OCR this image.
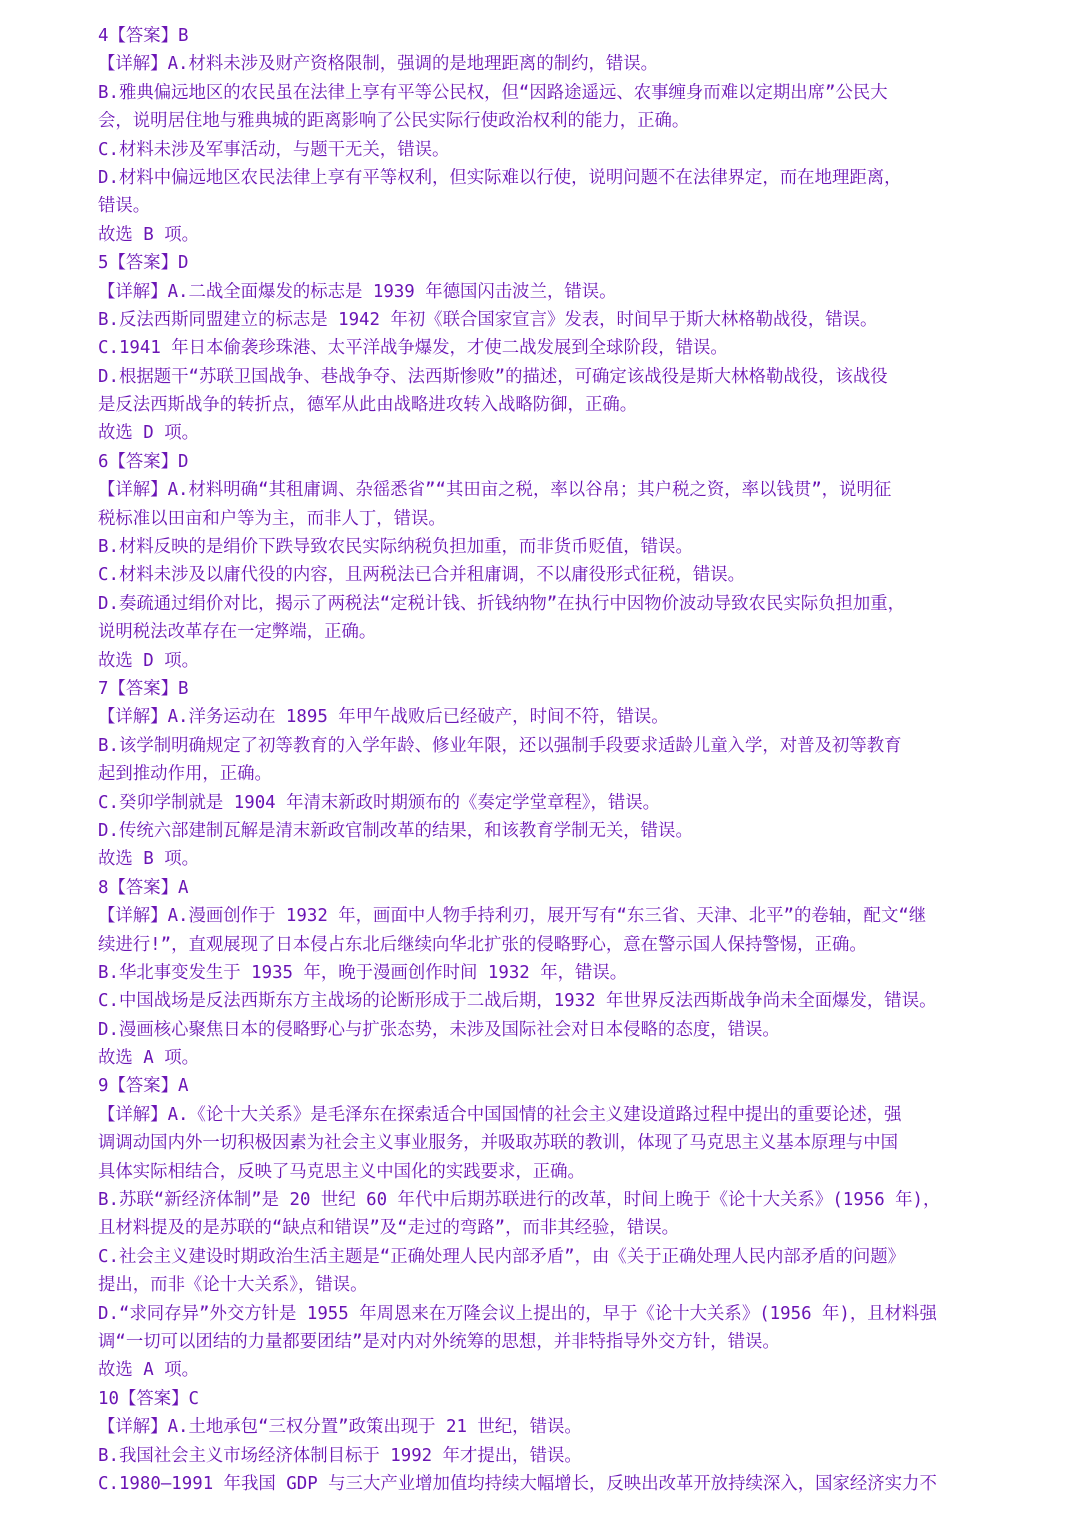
4【答案】B
【详解】A.材料未涉及财产资格限制，强调的是地理距离的制约，错误。
B.雅典偏远地区的农民虽在法律上享有平等公民权，但“因路途遥远、农事缠身而难以定期出席”公民大
会，说明居住地与雅典城的距离影响了公民实际行使政治权利的能力，正确。
C.材料未涉及军事活动，与题干无关，错误。
D.材料中偏远地区农民法律上享有平等权利，但实际难以行使，说明问题不在法律界定，而在地理距离，
错误。
故选 B 项。
5【答案】D
【详解】A.二战全面爆发的标志是 1939 年德国闪击波兰，错误。
B.反法西斯同盟建立的标志是 1942 年初《联合国家宣言》发表，时间早于斯大林格勒战役，错误。
C.1941 年日本偷袭珍珠港、太平洋战争爆发，才使二战发展到全球阶段，错误。
D.根据题干“苏联卫国战争、巷战争夺、法西斯惨败”的描述，可确定该战役是斯大林格勒战役，该战役
是反法西斯战争的转折点，德军从此由战略进攻转入战略防御，正确。
故选 D 项。
6【答案】D
【详解】A.材料明确“其租庸调、杂徭悉省”“其田亩之税，率以谷帛；其户税之资，率以钱贯”，说明征
税标准以田亩和户等为主，而非人丁，错误。
B.材料反映的是绢价下跌导致农民实际纳税负担加重，而非货币贬值，错误。
C.材料未涉及以庸代役的内容，且两税法已合并租庸调，不以庸役形式征税，错误。
D.奏疏通过绢价对比，揭示了两税法“定税计钱、折钱纳物”在执行中因物价波动导致农民实际负担加重，
说明税法改革存在一定弊端，正确。
故选 D 项。
7【答案】B
【详解】A.洋务运动在 1895 年甲午战败后已经破产，时间不符，错误。
B.该学制明确规定了初等教育的入学年龄、修业年限，还以强制手段要求适龄儿童入学，对普及初等教育
起到推动作用，正确。
C.癸卯学制就是 1904 年清末新政时期颁布的《奏定学堂章程》，错误。
D.传统六部建制瓦解是清末新政官制改革的结果，和该教育学制无关，错误。
故选 B 项。
8【答案】A
【详解】A.漫画创作于 1932 年，画面中人物手持利刃，展开写有“东三省、天津、北平”的卷轴，配文“继
续进行!”，直观展现了日本侵占东北后继续向华北扩张的侵略野心，意在警示国人保持警惕，正确。
B.华北事变发生于 1935 年，晚于漫画创作时间 1932 年，错误。
C.中国战场是反法西斯东方主战场的论断形成于二战后期，1932 年世界反法西斯战争尚未全面爆发，错误。
D.漫画核心聚焦日本的侵略野心与扩张态势，未涉及国际社会对日本侵略的态度，错误。
故选 A 项。
9【答案】A
【详解】A.《论十大关系》是毛泽东在探索适合中国国情的社会主义建设道路过程中提出的重要论述，强
调调动国内外一切积极因素为社会主义事业服务，并吸取苏联的教训，体现了马克思主义基本原理与中国
具体实际相结合，反映了马克思主义中国化的实践要求，正确。
B.苏联“新经济体制”是 20 世纪 60 年代中后期苏联进行的改革，时间上晚于《论十大关系》(1956 年)，
且材料提及的是苏联的“缺点和错误”及“走过的弯路”，而非其经验，错误。
C.社会主义建设时期政治生活主题是“正确处理人民内部矛盾”，由《关于正确处理人民内部矛盾的问题》
提出，而非《论十大关系》，错误。
D.“求同存异”外交方针是 1955 年周恩来在万隆会议上提出的，早于《论十大关系》(1956 年)，且材料强
调“一切可以团结的力量都要团结”是对内对外统筹的思想，并非特指导外交方针，错误。
故选 A 项。
10【答案】C
【详解】A.土地承包“三权分置”政策出现于 21 世纪，错误。
B.我国社会主义市场经济体制目标于 1992 年才提出，错误。
C.1980—1991 年我国 GDP 与三大产业增加值均持续大幅增长，反映出改革开放持续深入，国家经济实力不
